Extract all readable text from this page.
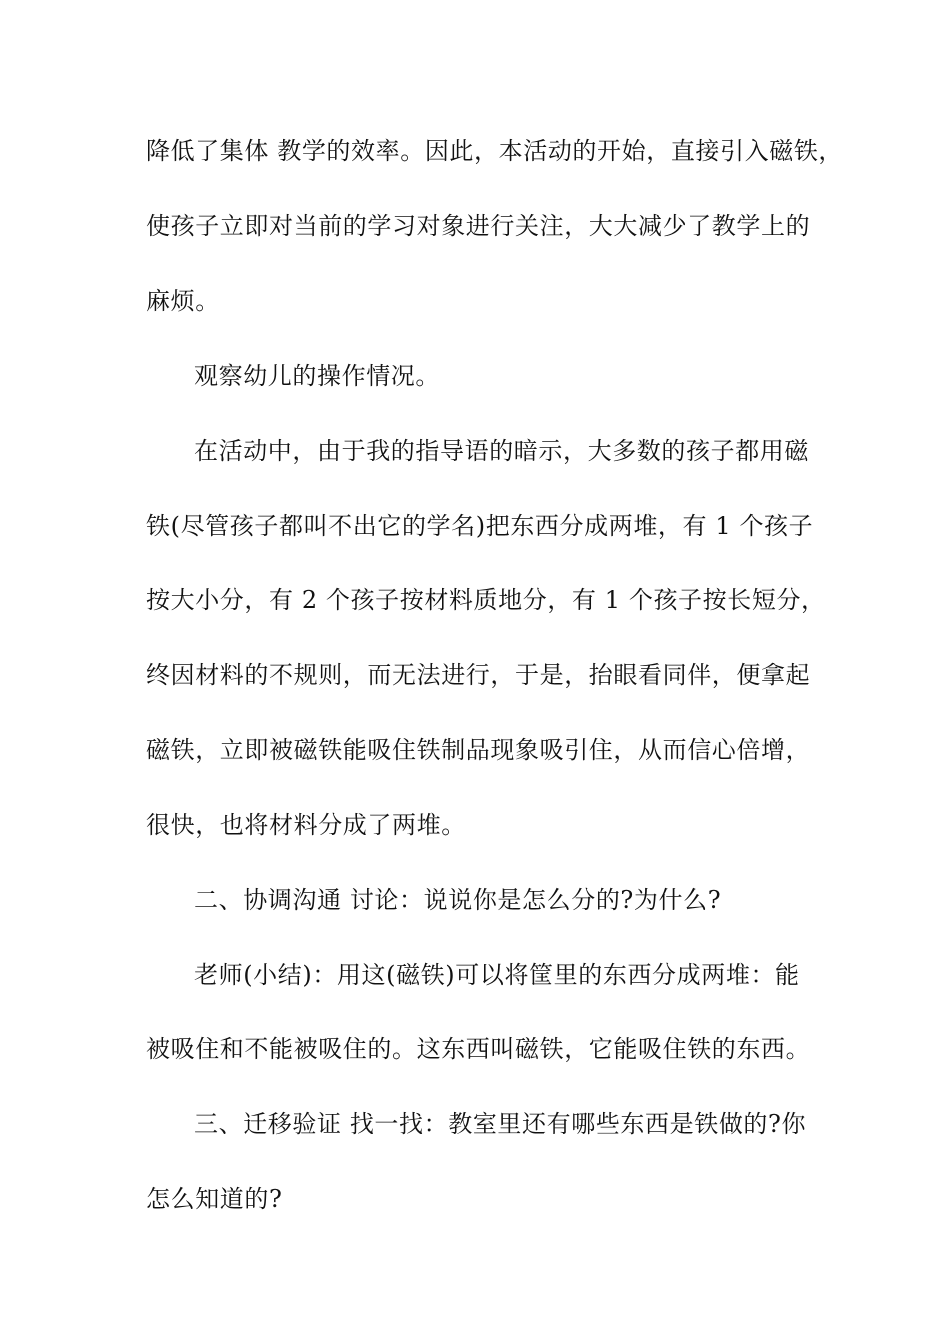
降低了集体 教学的效率。因此，本活动的开始，直接引入磁铁，

使孩子立即对当前的学习对象进行关注，大大减少了教学上的

麻烦。

观察幼儿的操作情况。

在活动中，由于我的指导语的暗示，大多数的孩子都用磁

铁(尽管孩子都叫不出它的学名)把东西分成两堆，有 1 个孩子

按大小分，有 2 个孩子按材料质地分，有 1 个孩子按长短分，

终因材料的不规则，而无法进行，于是，抬眼看同伴，便拿起

磁铁，立即被磁铁能吸住铁制品现象吸引住，从而信心倍增，

很快，也将材料分成了两堆。

二、协调沟通 讨论：说说你是怎么分的?为什么?

老师(小结)：用这(磁铁)可以将筐里的东西分成两堆：能

被吸住和不能被吸住的。这东西叫磁铁，它能吸住铁的东西。

三、迁移验证 找一找：教室里还有哪些东西是铁做的?你

怎么知道的?
